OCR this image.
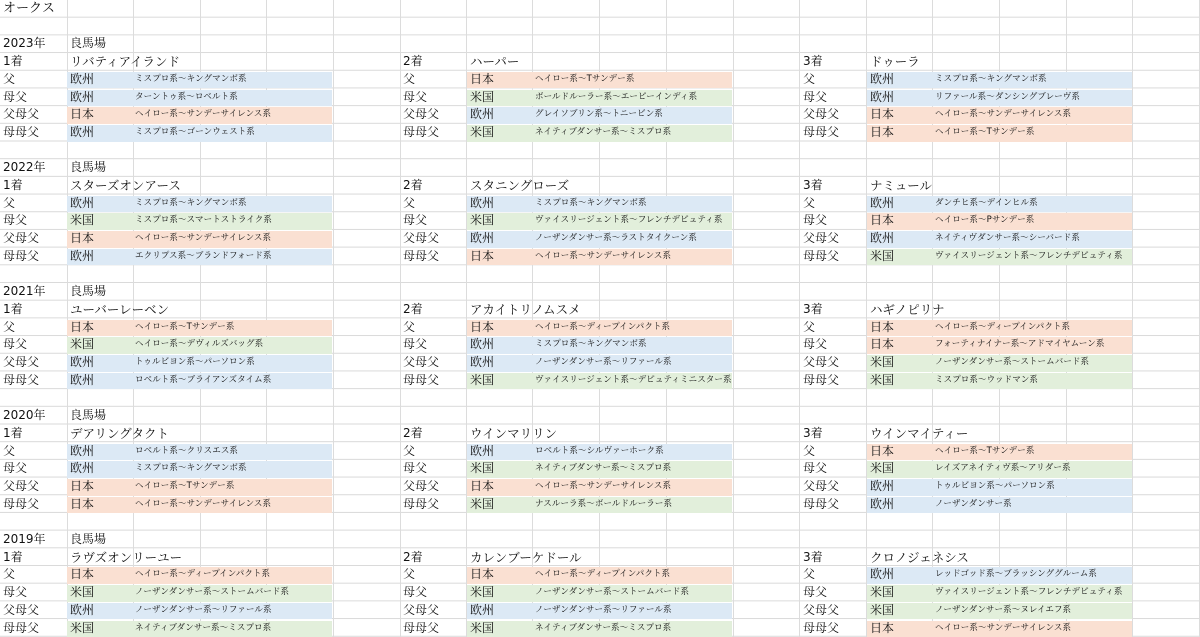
オークス
2023年 良馬場
1着	リバティアイランド	2着	ハーパー	3着	ドゥーラ
父	欧州	ミスプロ系〜キングマンボ系	父	日本	ヘイロー系〜Tサンデー系	父	欧州	ミスプロ系〜キングマンボ系
母父	欧州	ターントゥ系〜ロベルト系	母父	米国	ボールドルーラー系〜エーピーインディ系	母父	欧州	リファール系〜ダンシングブレーヴ系
父母父	日本	ヘイロー系〜サンデーサイレンス系	父母父	欧州	グレイソブリン系〜トニービン系	父母父	日本	ヘイロー系〜サンデーサイレンス系
母母父	欧州	ミスプロ系〜ゴーンウェスト系	母母父	米国	ネイティブダンサー系〜ミスプロ系	母母父	日本	ヘイロー系〜Tサンデー系
2022年 良馬場
1着	スターズオンアース	2着	スタニングローズ	3着	ナミュール
父	欧州	ミスプロ系〜キングマンボ系	父	欧州	ミスプロ系〜キングマンボ系	父	欧州	ダンチヒ系〜デインヒル系
母父	米国	ミスプロ系〜スマートストライク系	母父	米国	ヴァイスリージェント系〜フレンチデピュティ系	母父	日本	ヘイロー系〜Pサンデー系
父母父	日本	ヘイロー系〜サンデーサイレンス系	父母父	欧州	ノーザンダンサー系〜ラストタイクーン系	父母父	欧州	ネイティヴダンサー系〜シーバード系
母母父	欧州	エクリプス系〜ブランドフォード系	母母父	日本	ヘイロー系〜サンデーサイレンス系	母母父	米国	ヴァイスリージェント系〜フレンチデピュティ系
2021年 良馬場
1着	ユーバーレーベン	2着	アカイトリノムスメ	3着	ハギノピリナ
父	日本	ヘイロー系〜Tサンデー系	父	日本	ヘイロー系〜ディープインパクト系	父	日本	ヘイロー系〜ディープインパクト系
母父	米国	ヘイロー系〜デヴィルズバッグ系	母父	欧州	ミスプロ系〜キングマンボ系	母父	日本	フォーティナイナー系〜アドマイヤムーン系
父母父	欧州	トゥルビヨン系〜パーソロン系	父母父	欧州	ノーザンダンサー系〜リファール系	父母父	米国	ノーザンダンサー系〜ストームバード系
母母父	欧州	ロベルト系〜ブライアンズタイム系	母母父	米国	ヴァイスリージェント系〜デピュティミニスター系	母母父	米国	ミスプロ系〜ウッドマン系
2020年 良馬場
1着	デアリングタクト	2着	ウインマリリン	3着	ウインマイティー
父	欧州	ロベルト系〜クリスエス系	父	欧州	ロベルト系〜シルヴァーホーク系	父	日本	ヘイロー系〜Tサンデー系
母父	欧州	ミスプロ系〜キングマンボ系	母父	米国	ネイティブダンサー系〜ミスプロ系	母父	米国	レイズアネイティヴ系〜アリダー系
父母父	日本	ヘイロー系〜Tサンデー系	父母父	日本	ヘイロー系〜サンデーサイレンス系	父母父	欧州	トゥルビヨン系〜パーソロン系
母母父	日本	ヘイロー系〜サンデーサイレンス系	母母父	米国	ナスルーラ系〜ボールドルーラー系	母母父	欧州	ノーザンダンサー系
2019年 良馬場
1着	ラヴズオンリーユー	2着	カレンブーケドール	3着	クロノジェネシス
父	日本	ヘイロー系〜ディープインパクト系	父	日本	ヘイロー系〜ディープインパクト系	父	欧州	レッドゴッド系〜ブラッシンググルーム系
母父	米国	ノーザンダンサー系〜ストームバード系	母父	米国	ノーザンダンサー系〜ストームバード系	母父	米国	ヴァイスリージェント系〜フレンチデピュティ系
父母父	欧州	ノーザンダンサー系〜リファール系	父母父	欧州	ノーザンダンサー系〜リファール系	父母父	米国	ノーザンダンサー系〜ヌレイエフ系
母母父	米国	ネイティブダンサー系〜ミスプロ系	母母父	米国	ネイティブダンサー系〜ミスプロ系	母母父	日本	ヘイロー系〜サンデーサイレンス系
